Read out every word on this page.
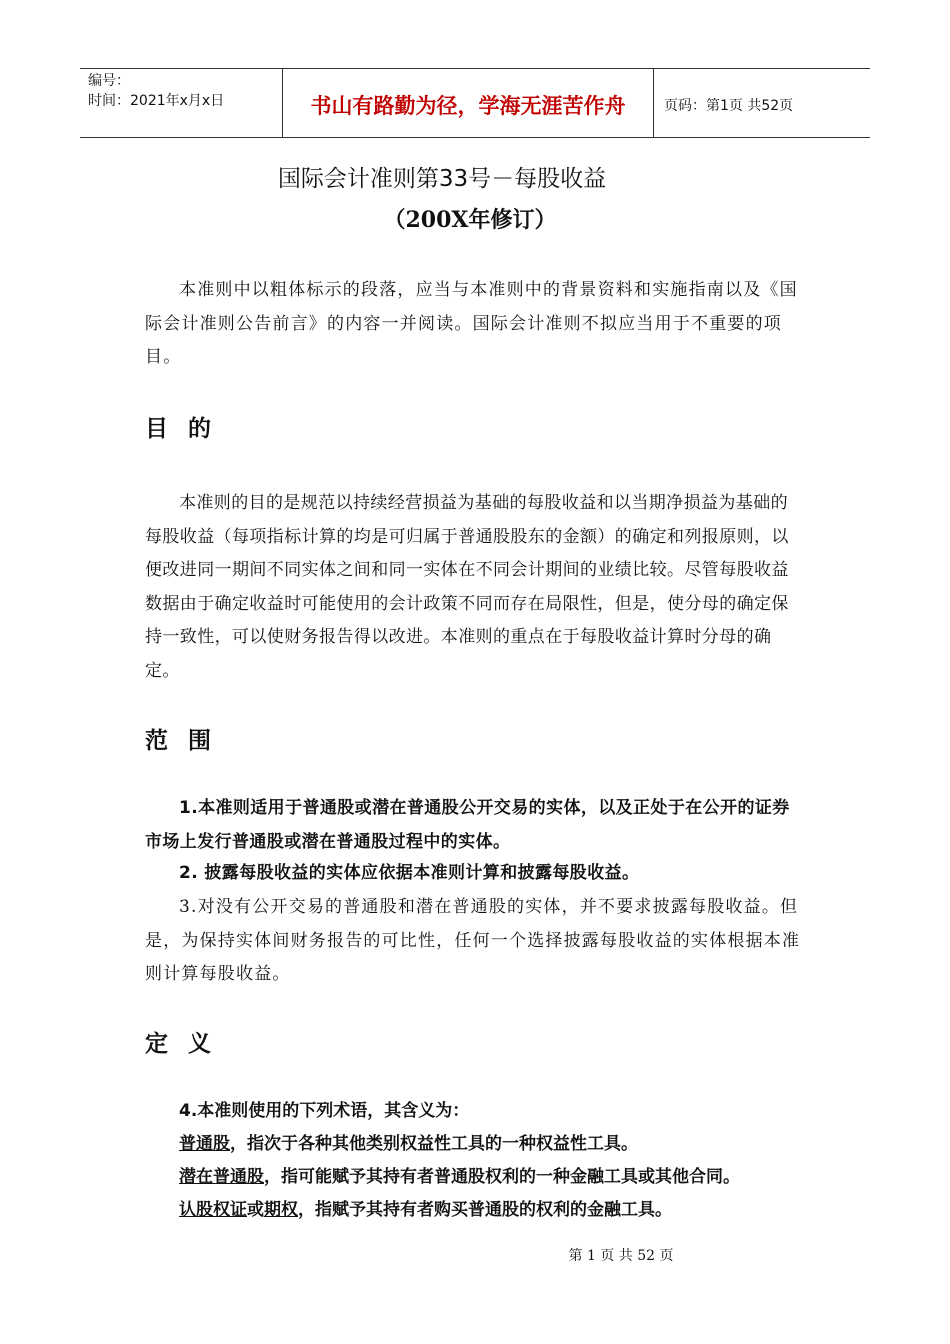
编号：
时间：2021年x月x日	书山有路勤为径，学海无涯苦作舟	页码：第1页 共52页
国际会计准则第33号－每股收益
（200X年修订）

本准则中以粗体标示的段落，应当与本准则中的背景资料和实施指南以及《国际会计准则公告前言》的内容一并阅读。国际会计准则不拟应当用于不重要的项目。

目的

本准则的目的是规范以持续经营损益为基础的每股收益和以当期净损益为基础的每股收益（每项指标计算的均是可归属于普通股股东的金额）的确定和列报原则，以便改进同一期间不同实体之间和同一实体在不同会计期间的业绩比较。尽管每股收益数据由于确定收益时可能使用的会计政策不同而存在局限性，但是，使分母的确定保持一致性，可以使财务报告得以改进。本准则的重点在于每股收益计算时分母的确定。

范围

1.本准则适用于普通股或潜在普通股公开交易的实体，以及正处于在公开的证券市场上发行普通股或潜在普通股过程中的实体。

2. 披露每股收益的实体应依据本准则计算和披露每股收益。

3.对没有公开交易的普通股和潜在普通股的实体，并不要求披露每股收益。但是，为保持实体间财务报告的可比性，任何一个选择披露每股收益的实体根据本准则计算每股收益。

定义

4.本准则使用的下列术语，其含义为：

普通股，指次于各种其他类别权益性工具的一种权益性工具。

潜在普通股，指可能赋予其持有者普通股权利的一种金融工具或其他合同。

认股权证或期权，指赋予其持有者购买普通股的权利的金融工具。

第 1 页 共 52 页
